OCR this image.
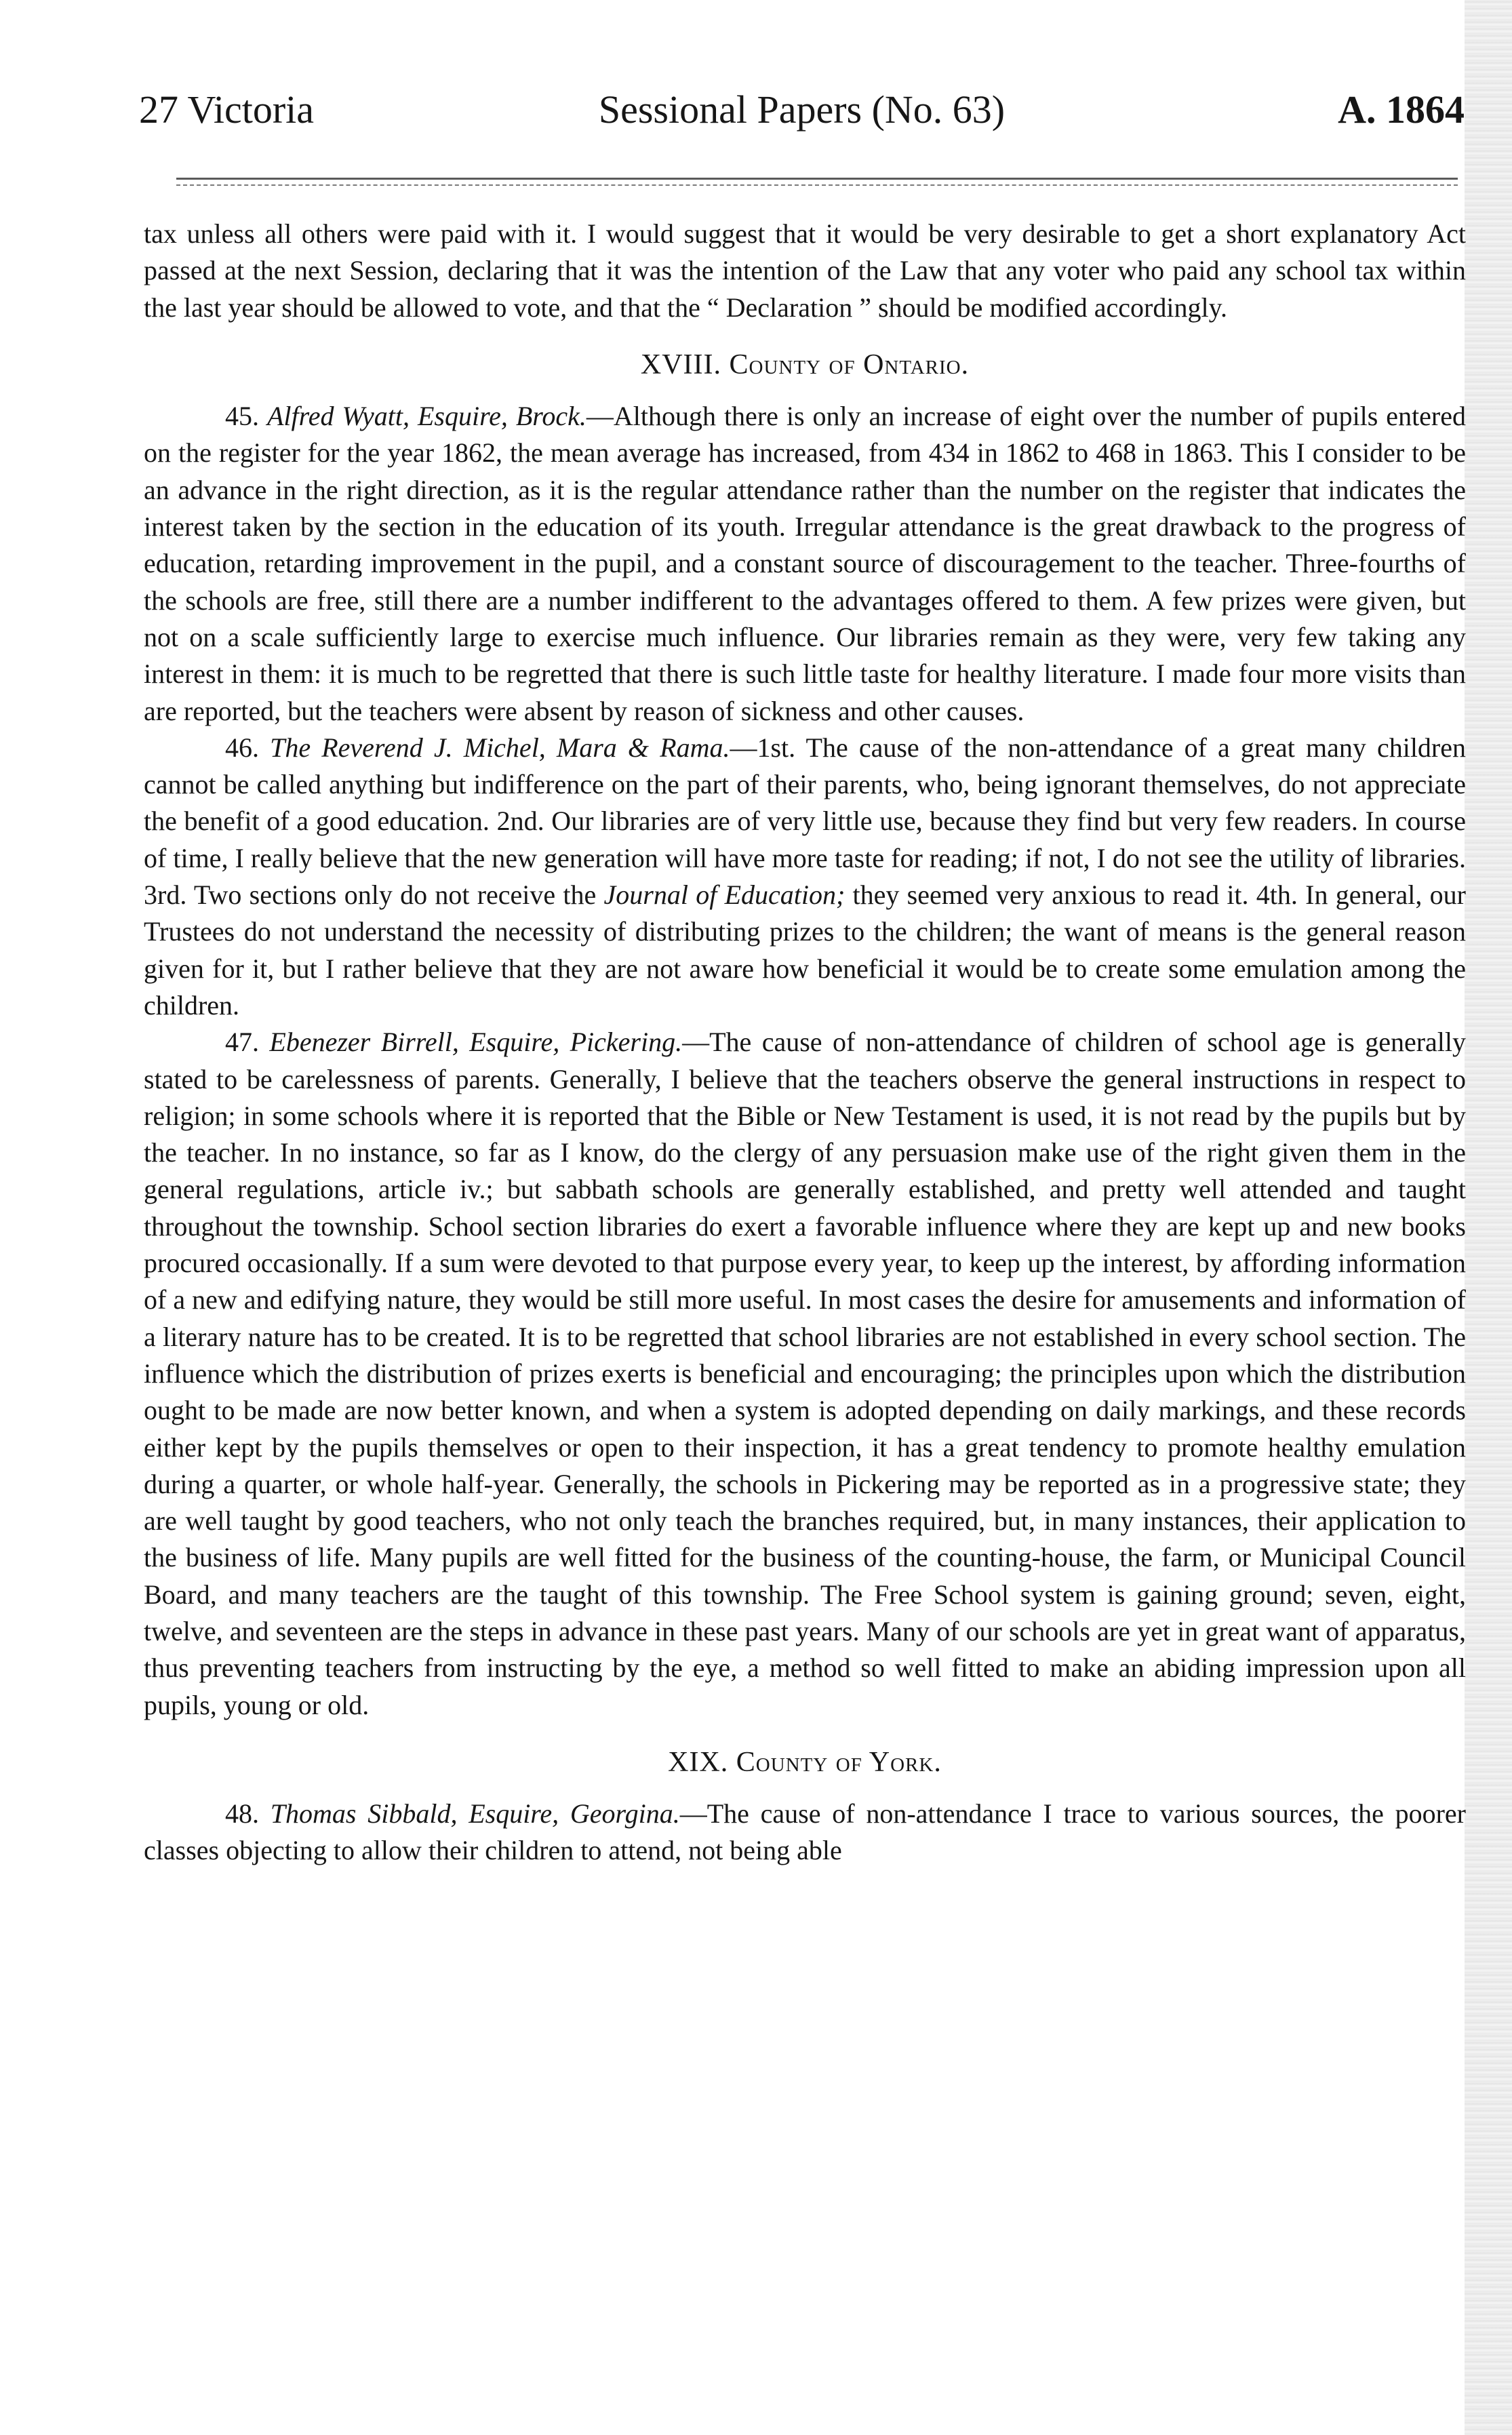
27 Victoria	Sessional Papers (No. 63)	A. 1864

tax unless all others were paid with it. I would suggest that it would be very desirable to get a short explanatory Act passed at the next Session, declaring that it was the intention of the Law that any voter who paid any school tax within the last year should be allowed to vote, and that the “ Declaration ” should be modified accordingly.

XVIII. County of Ontario.

45. Alfred Wyatt, Esquire, Brock.—Although there is only an increase of eight over the number of pupils entered on the register for the year 1862, the mean average has increased, from 434 in 1862 to 468 in 1863. This I consider to be an advance in the right direction, as it is the regular attendance rather than the number on the register that indicates the interest taken by the section in the education of its youth. Irregular attendance is the great drawback to the progress of education, retarding improvement in the pupil, and a constant source of discouragement to the teacher. Three-fourths of the schools are free, still there are a number indifferent to the advantages offered to them. A few prizes were given, but not on a scale sufficiently large to exercise much influence. Our libraries remain as they were, very few taking any interest in them: it is much to be regretted that there is such little taste for healthy literature. I made four more visits than are reported, but the teachers were absent by reason of sickness and other causes.

46. The Reverend J. Michel, Mara & Rama.—1st. The cause of the non-attendance of a great many children cannot be called anything but indifference on the part of their parents, who, being ignorant themselves, do not appreciate the benefit of a good education. 2nd. Our libraries are of very little use, because they find but very few readers. In course of time, I really believe that the new generation will have more taste for reading; if not, I do not see the utility of libraries. 3rd. Two sections only do not receive the Journal of Education; they seemed very anxious to read it. 4th. In general, our Trustees do not understand the necessity of distributing prizes to the children; the want of means is the general reason given for it, but I rather believe that they are not aware how beneficial it would be to create some emulation among the children.

47. Ebenezer Birrell, Esquire, Pickering.—The cause of non-attendance of children of school age is generally stated to be carelessness of parents. Generally, I believe that the teachers observe the general instructions in respect to religion; in some schools where it is reported that the Bible or New Testament is used, it is not read by the pupils but by the teacher. In no instance, so far as I know, do the clergy of any persuasion make use of the right given them in the general regulations, article iv.; but sabbath schools are generally established, and pretty well attended and taught throughout the township. School section libraries do exert a favorable influence where they are kept up and new books procured occasionally. If a sum were devoted to that purpose every year, to keep up the interest, by affording information of a new and edifying nature, they would be still more useful. In most cases the desire for amusements and information of a literary nature has to be created. It is to be regretted that school libraries are not established in every school section. The influence which the distribution of prizes exerts is beneficial and encouraging; the principles upon which the distribution ought to be made are now better known, and when a system is adopted depending on daily markings, and these records either kept by the pupils themselves or open to their inspection, it has a great tendency to promote healthy emulation during a quarter, or whole half-year. Generally, the schools in Pickering may be reported as in a progressive state; they are well taught by good teachers, who not only teach the branches required, but, in many instances, their application to the business of life. Many pupils are well fitted for the business of the counting-house, the farm, or Municipal Council Board, and many teachers are the taught of this township. The Free School system is gaining ground; seven, eight, twelve, and seventeen are the steps in advance in these past years. Many of our schools are yet in great want of apparatus, thus preventing teachers from instructing by the eye, a method so well fitted to make an abiding impression upon all pupils, young or old.

XIX. County of York.

48. Thomas Sibbald, Esquire, Georgina.—The cause of non-attendance I trace to various sources, the poorer classes objecting to allow their children to attend, not being able
